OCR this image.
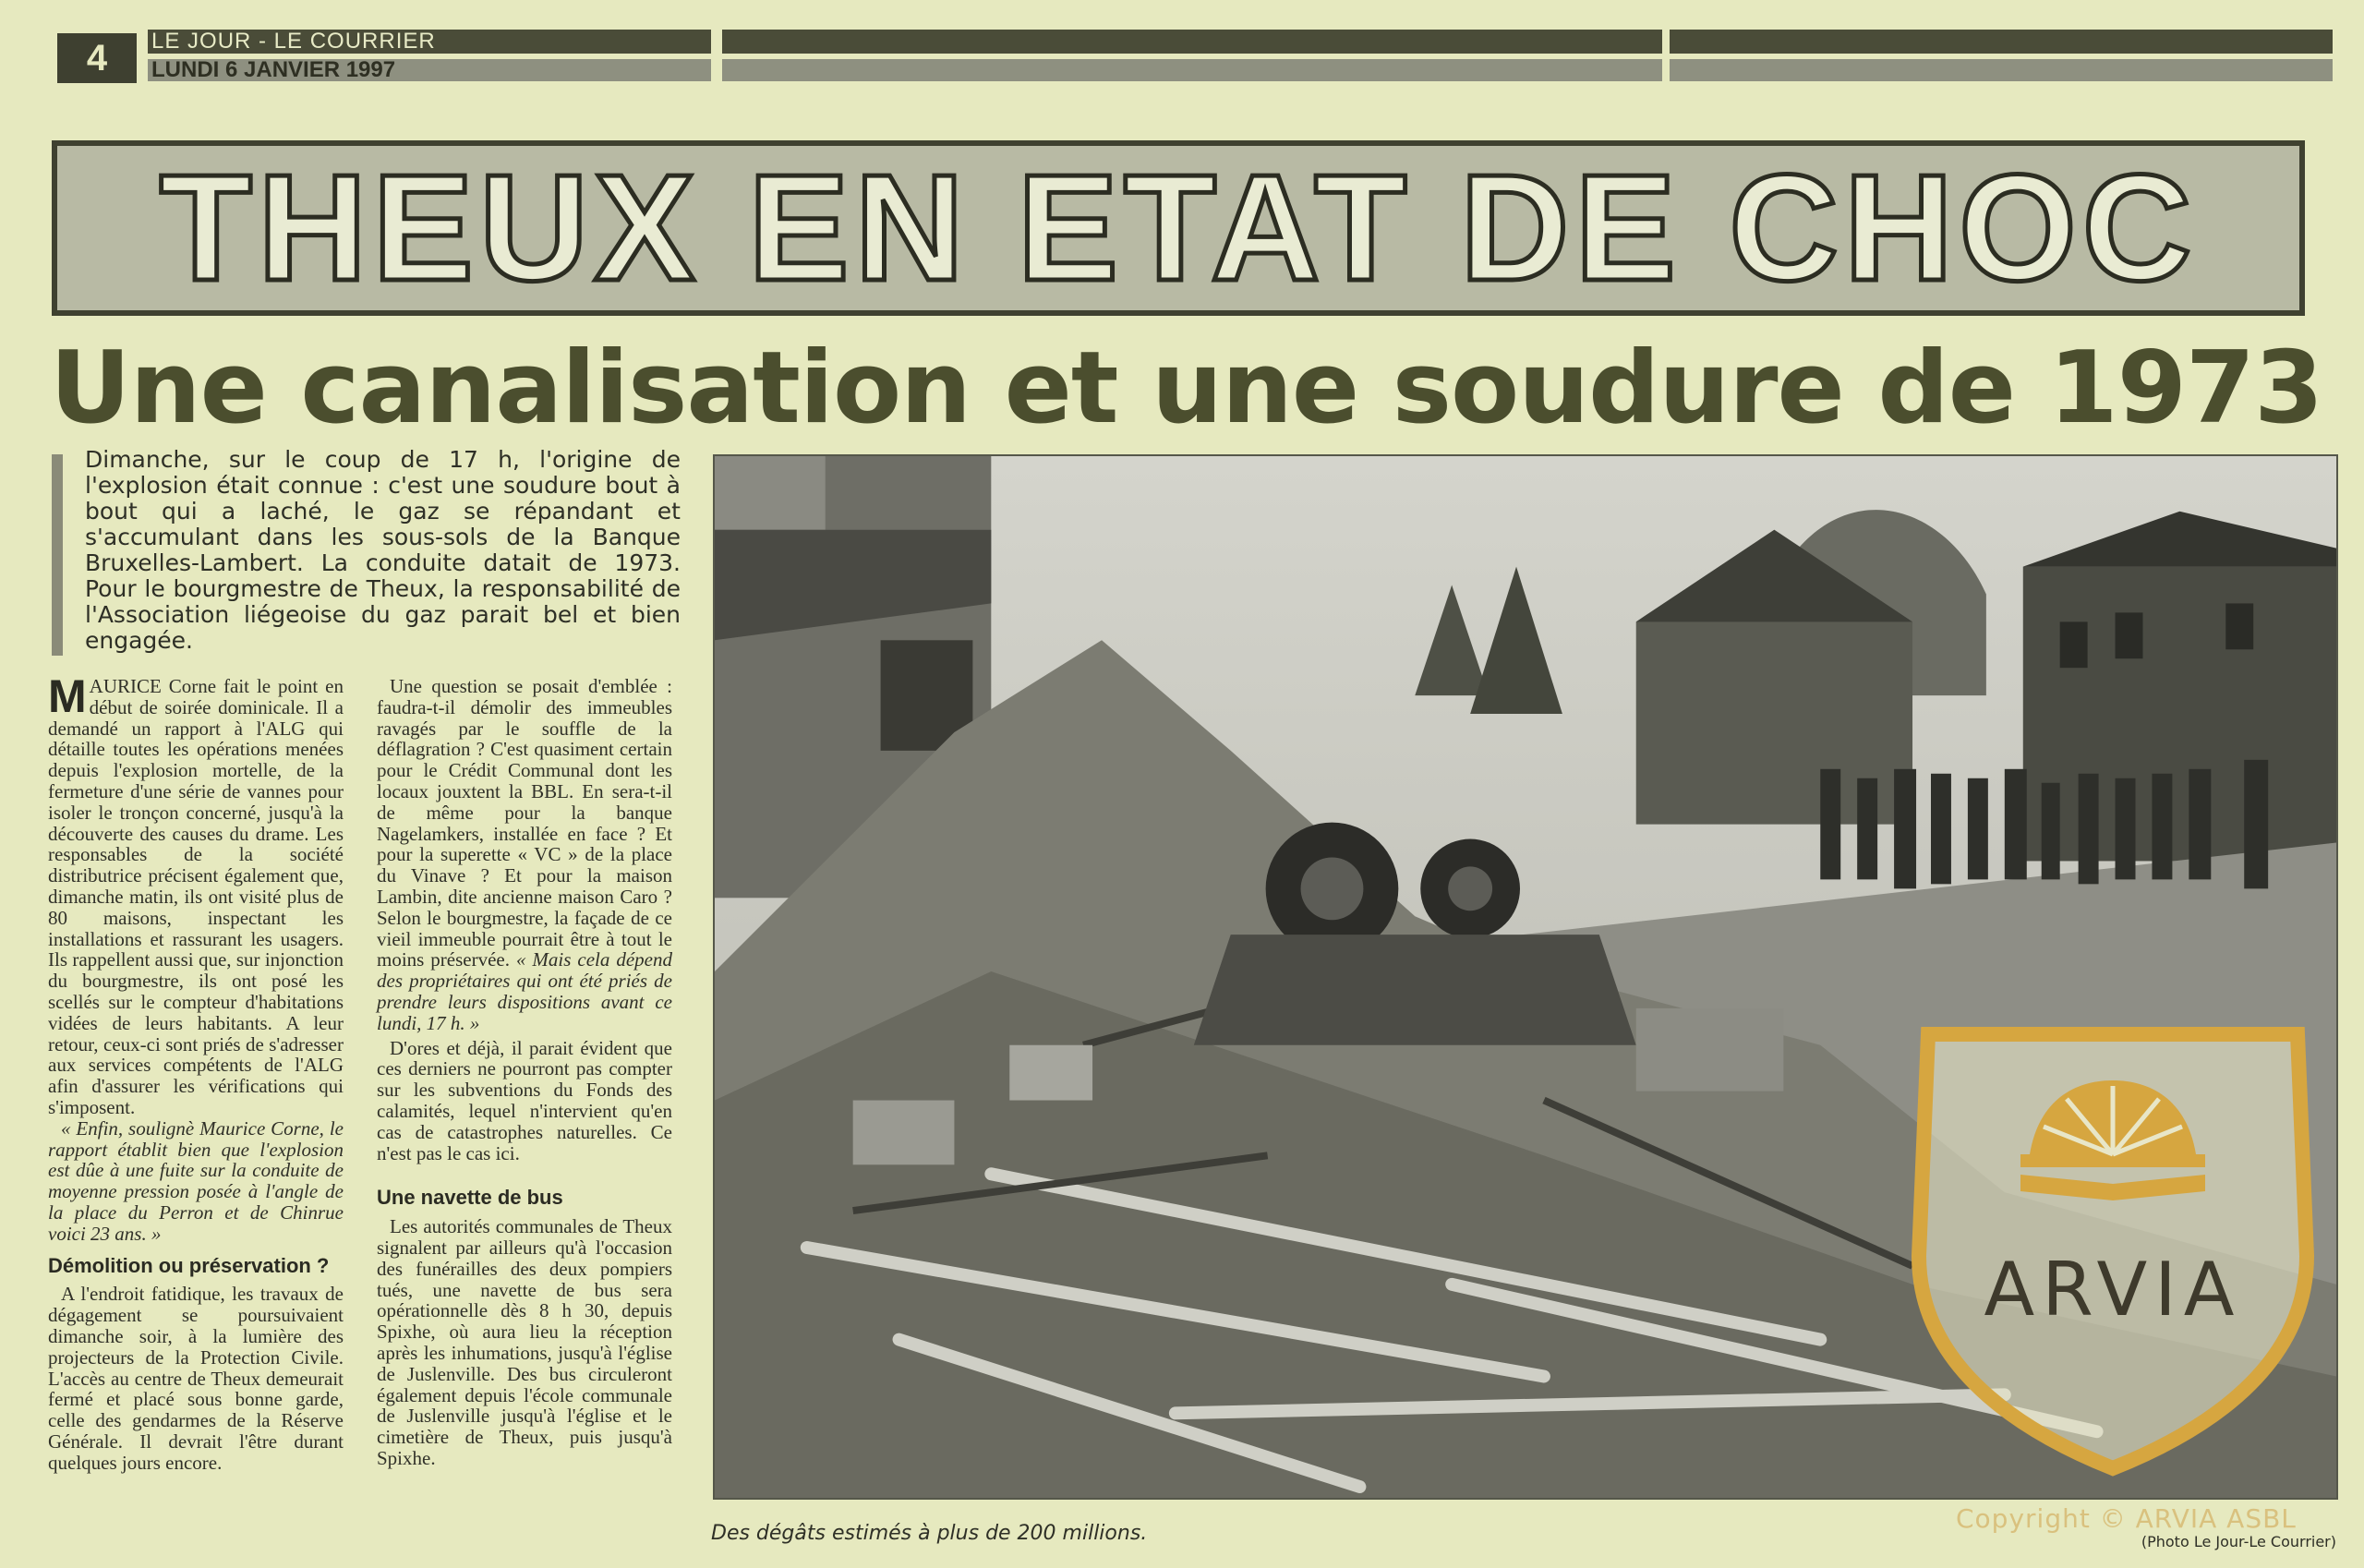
4	LE JOUR - LE COURRIER
LUNDI 6 JANVIER 1997
THEUX EN ETAT DE CHOC
Une canalisation et une soudure de 1973
Dimanche, sur le coup de 17 h, l'origine de l'explosion était connue : c'est une soudure bout à bout qui a laché, le gaz se répandant et s'accumulant dans les sous-sols de la Banque Bruxelles-Lambert. La conduite datait de 1973. Pour le bourgmestre de Theux, la responsabilité de l'Association liégeoise du gaz parait bel et bien engagée.

MAURICE Corne fait le point en début de soirée dominicale. Il a demandé un rapport à l'ALG qui détaille toutes les opérations menées depuis l'explosion mortelle, de la fermeture d'une série de vannes pour isoler le tronçon concerné, jusqu'à la découverte des causes du drame. Les responsables de la société distributrice précisent également que, dimanche matin, ils ont visité plus de 80 maisons, inspectant les installations et rassurant les usagers. Ils rappellent aussi que, sur injonction du bourgmestre, ils ont posé les scellés sur le compteur d'habitations vidées de leurs habitants. A leur retour, ceux-ci sont priés de s'adresser aux services compétents de l'ALG afin d'assurer les vérifications qui s'imposent.

« Enfin, soulignè Maurice Corne, le rapport établit bien que l'explosion est dûe à une fuite sur la conduite de moyenne pression posée à l'angle de la place du Perron et de Chinrue voici 23 ans. »

Démolition ou préservation ?

A l'endroit fatidique, les travaux de dégagement se poursuivaient dimanche soir, à la lumière des projecteurs de la Protection Civile. L'accès au centre de Theux demeurait fermé et placé sous bonne garde, celle des gendarmes de la Réserve Générale. Il devrait l'être durant quelques jours encore.

Une question se posait d'emblée : faudra-t-il démolir des immeubles ravagés par le souffle de la déflagration ? C'est quasiment certain pour le Crédit Communal dont les locaux jouxtent la BBL. En sera-t-il de même pour la banque Nagelamkers, installée en face ? Et pour la superette « VC » de la place du Vinave ? Et pour la maison Lambin, dite ancienne maison Caro ? Selon le bourgmestre, la façade de ce vieil immeuble pourrait être à tout le moins préservée. « Mais cela dépend des propriétaires qui ont été priés de prendre leurs dispositions avant ce lundi, 17 h. »

D'ores et déjà, il parait évident que ces derniers ne pourront pas compter sur les subventions du Fonds des calamités, lequel n'intervient qu'en cas de catastrophes naturelles. Ce n'est pas le cas ici.

Une navette de bus

Les autorités communales de Theux signalent par ailleurs qu'à l'occasion des funérailles des deux pompiers tués, une navette de bus sera opérationnelle dès 8 h 30, depuis Spixhe, où aura lieu la réception après les inhumations, jusqu'à l'église de Juslenville. Des bus circuleront également depuis l'école communale de Juslenville jusqu'à l'église et le cimetière de Theux, puis jusqu'à Spixhe.

Des dégâts estimés à plus de 200 millions.	(Photo Le Jour-Le Courrier)
ARVIA
Copyright © ARVIA ASBL
